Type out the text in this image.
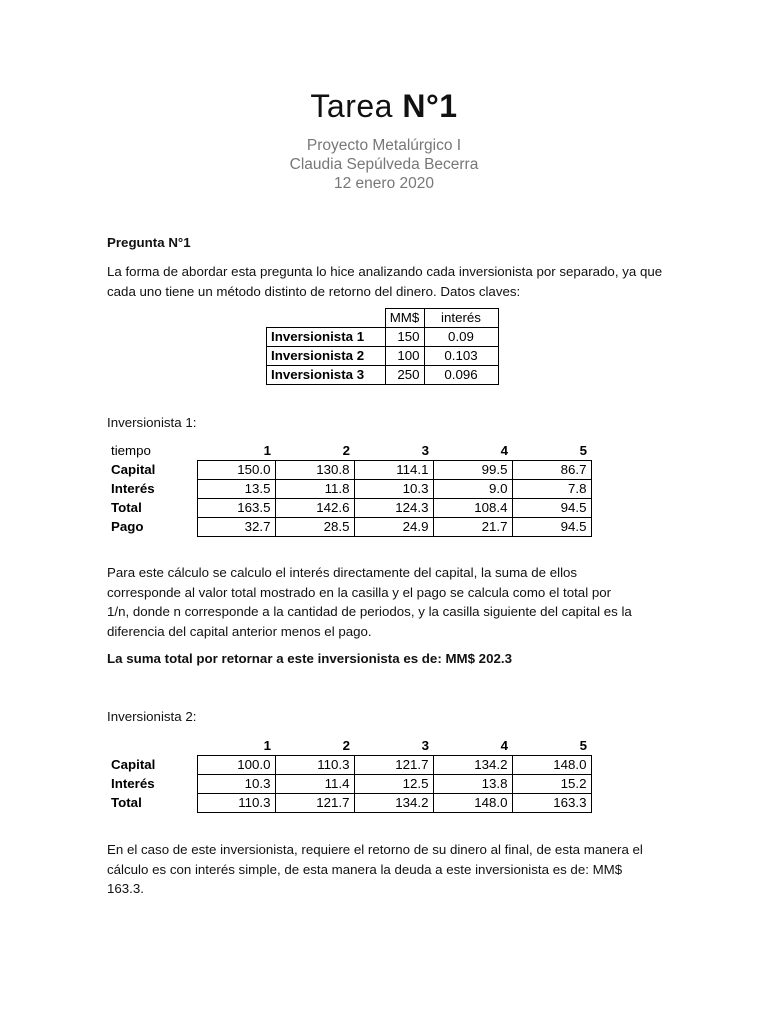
Tarea N°1
Proyecto Metalúrgico I
Claudia Sepúlveda Becerra
12 enero 2020
Pregunta N°1
La forma de abordar esta pregunta lo hice analizando cada inversionista por separado, ya que cada uno tiene un método distinto de retorno del dinero. Datos claves:
	MM$	interés
Inversionista 1	150	0.09
Inversionista 2	100	0.103
Inversionista 3	250	0.096
Inversionista 1:
tiempo	1	2	3	4	5
Capital	150.0	130.8	114.1	99.5	86.7
Interés	13.5	11.8	10.3	9.0	7.8
Total	163.5	142.6	124.3	108.4	94.5
Pago	32.7	28.5	24.9	21.7	94.5
Para este cálculo se calculo el interés directamente del capital, la suma de ellos corresponde al valor total mostrado en la casilla y el pago se calcula como el total por 1/n, donde n corresponde a la cantidad de periodos, y la casilla siguiente del capital es la diferencia del capital anterior menos el pago.
La suma total por retornar a este inversionista es de: MM$ 202.3
Inversionista 2:
	1	2	3	4	5
Capital	100.0	110.3	121.7	134.2	148.0
Interés	10.3	11.4	12.5	13.8	15.2
Total	110.3	121.7	134.2	148.0	163.3
En el caso de este inversionista, requiere el retorno de su dinero al final, de esta manera el cálculo es con interés simple, de esta manera la deuda a este inversionista es de: MM$ 163.3.
